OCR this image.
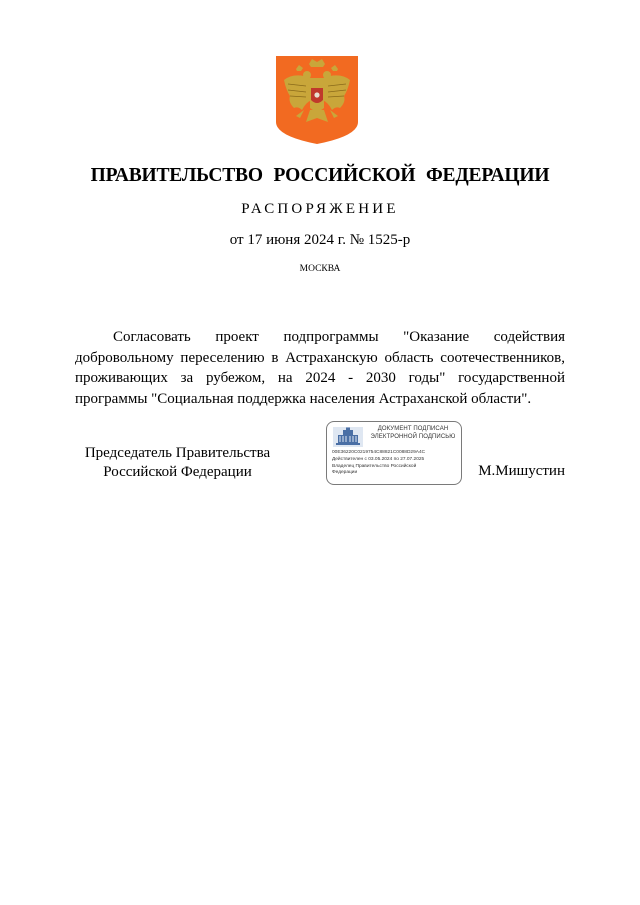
ПРАВИТЕЛЬСТВО РОССИЙСКОЙ ФЕДЕРАЦИИ
РАСПОРЯЖЕНИЕ
от 17 июня 2024 г. № 1525-р
МОСКВА

Согласовать проект подпрограммы "Оказание содействия добровольному переселению в Астраханскую область соотечественников, проживающих за рубежом, на 2024 - 2030 годы" государственной программы "Социальная поддержка населения Астраханской области".

Председатель Правительства
Российской Федерации
ДОКУМЕНТ ПОДПИСАН
ЭЛЕКТРОННОЙ ПОДПИСЬЮ
00E36220C0219754C88821C0088D29A4C
Действителен с 03.05.2024 по 27.07.2025
Владелец Правительство Российской
Федерации	М.Мишустин
